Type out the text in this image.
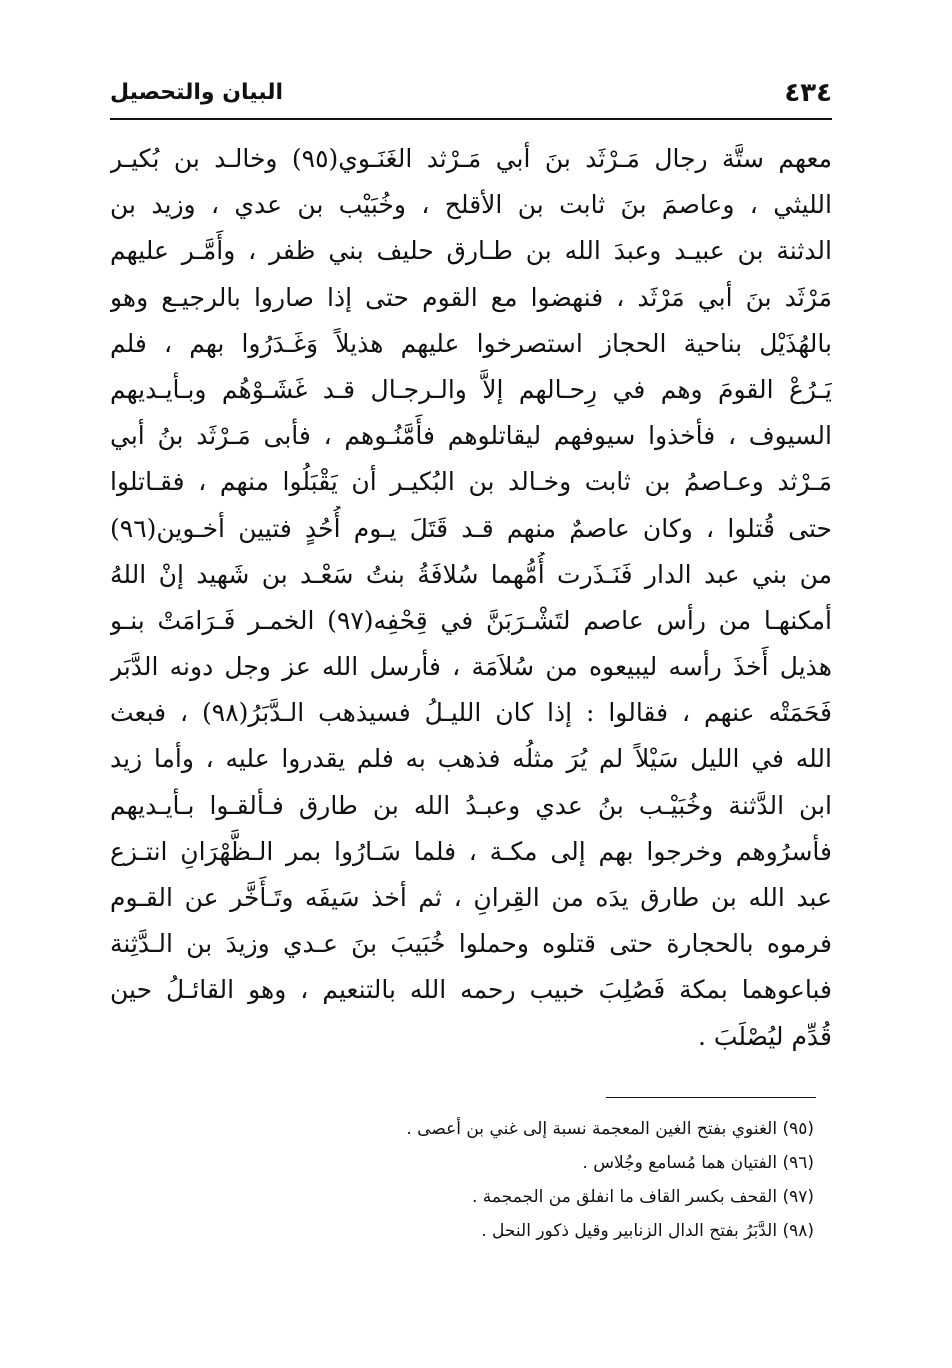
٤٣٤
البيان والتحصيل
معهم ستَّة رجال مَـرْثَد بنَ أبي مَـرْثد الغَنَـوي(٩٥) وخالـد بن بُكيـر
الليثي ، وعاصمَ بنَ ثابت بن الأقلح ، وخُبَيْب بن عدي ، وزيد بن
الدثنة بن عبيـد وعبدَ الله بن طـارق حليف بني ظفر ، وأَمَّـر عليهم
مَرْثَد بنَ أبي مَرْثَد ، فنهضوا مع القوم حتى إذا صاروا بالرجيـع وهو
بالهُذَيْل بناحية الحجاز استصرخوا عليهم هذيلاً وَغَـدَرُوا بهم ، فلم
يَـرُعْ القومَ وهم في رِحـالهم إلاَّ والـرجـال قـد غَشَـوْهُم وبـأيـديهم
السيوف ، فأخذوا سيوفهم ليقاتلوهم فأَمَّنُـوهم ، فأبى مَـرْثَد بنُ أبي
مَـرْثد وعـاصمُ بن ثابت وخـالد بن البُكيـر أن يَقْبَلُوا منهم ، فقـاتلوا
حتى قُتلوا ، وكان عاصمٌ منهم قـد قَتَلَ يـوم أُحُدٍ فتيين أخـوين(٩٦)
من بني عبد الدار فَنَـذَرت أُمُّهما سُلافَةُ بنتُ سَعْـد بن شَهيد إنْ اللهُ
أمكنهـا من رأس عاصم لتَشْـرَبَنَّ في قِحْفِه(٩٧) الخمـر فَـرَامَتْ بنـو
هذيل أَخذَ رأسه ليبيعوه من سُلاَمَة ، فأرسل الله عز وجل دونه الدَّبَر
فَحَمَتْه عنهم ، فقالوا : إذا كان الليـلُ فسيذهب الـدَّبَرُ(٩٨) ، فبعث
الله في الليل سَيْلاً لم يُرَ مثلُه فذهب به فلم يقدروا عليه ، وأما زيد
ابن الدَّثنة وخُبَيْـب بنُ عدي وعبـدُ الله بن طارق فـألقـوا بـأيـديهم
فأسرُوهم وخرجوا بهم إلى مكـة ، فلما سَـارُوا بمر الـظَّهْرَانِ انتـزع
عبد الله بن طارق يدَه من القِرانِ ، ثم أخذ سَيفَه وتَـأَخَّر عن القـوم
فرموه بالحجارة حتى قتلوه وحملوا خُبَيبَ بنَ عـدي وزيدَ بن الـدَّثِنة
فباعوهما بمكة فَصُلِبَ خبيب رحمه الله بالتنعيم ، وهو القائـلُ حين
قُدِّم ليُصْلَبَ .
(٩٥) الغنوي بفتح الغين المعجمة نسبة إلى غني بن أعصى .
(٩٦) الفتيان هما مُسامع وجُلاس .
(٩٧) القحف بكسر القاف ما انفلق من الجمجمة .
(٩٨) الدَّبَرُ بفتح الدال الزنابير وقيل ذكور النحل .
